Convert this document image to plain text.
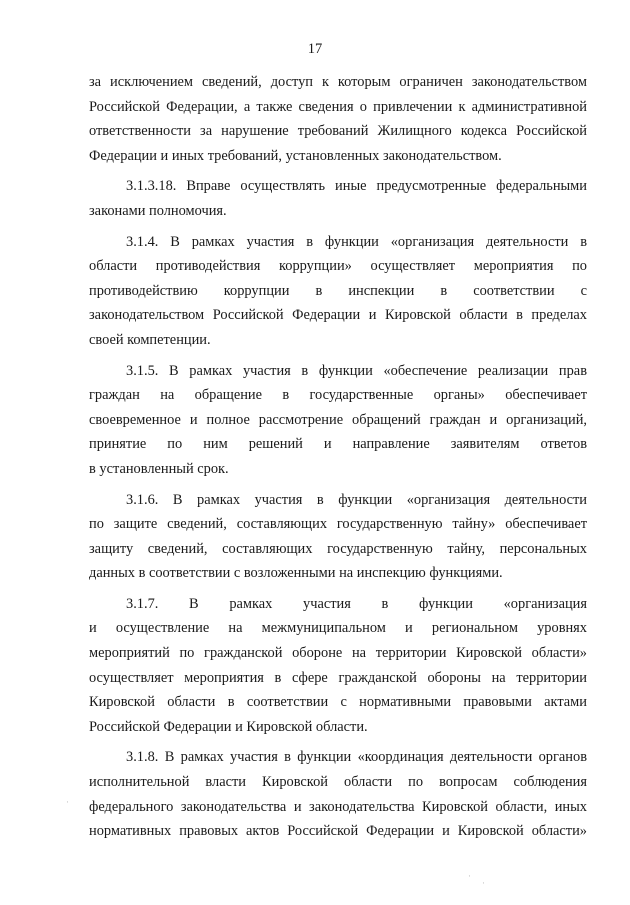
17
за исключением сведений, доступ к которым ограничен законодательством
Российской Федерации, а также сведения о привлечении к административной
ответственности за нарушение требований Жилищного кодекса Российской
Федерации и иных требований, установленных законодательством.
3.1.3.18. Вправе осуществлять иные предусмотренные федеральными
законами полномочия.
3.1.4. В рамках участия в функции «организация деятельности в
области противодействия коррупции» осуществляет мероприятия по
противодействию коррупции в инспекции в соответствии с
законодательством Российской Федерации и Кировской области в пределах
своей компетенции.
3.1.5. В рамках участия в функции «обеспечение реализации прав
граждан на обращение в государственные органы» обеспечивает
своевременное и полное рассмотрение обращений граждан и организаций,
принятие по ним решений и направление заявителям ответов
в установленный срок.
3.1.6. В рамках участия в функции «организация деятельности
по защите сведений, составляющих государственную тайну» обеспечивает
защиту сведений, составляющих государственную тайну, персональных
данных в соответствии с возложенными на инспекцию функциями.
3.1.7. В рамках участия в функции «организация
и осуществление на межмуниципальном и региональном уровнях
мероприятий по гражданской обороне на территории Кировской области»
осуществляет мероприятия в сфере гражданской обороны на территории
Кировской области в соответствии с нормативными правовыми актами
Российской Федерации и Кировской области.
3.1.8. В рамках участия в функции «координация деятельности органов
исполнительной власти Кировской области по вопросам соблюдения
федерального законодательства и законодательства Кировской области, иных
нормативных правовых актов Российской Федерации и Кировской области»
·
·
·
